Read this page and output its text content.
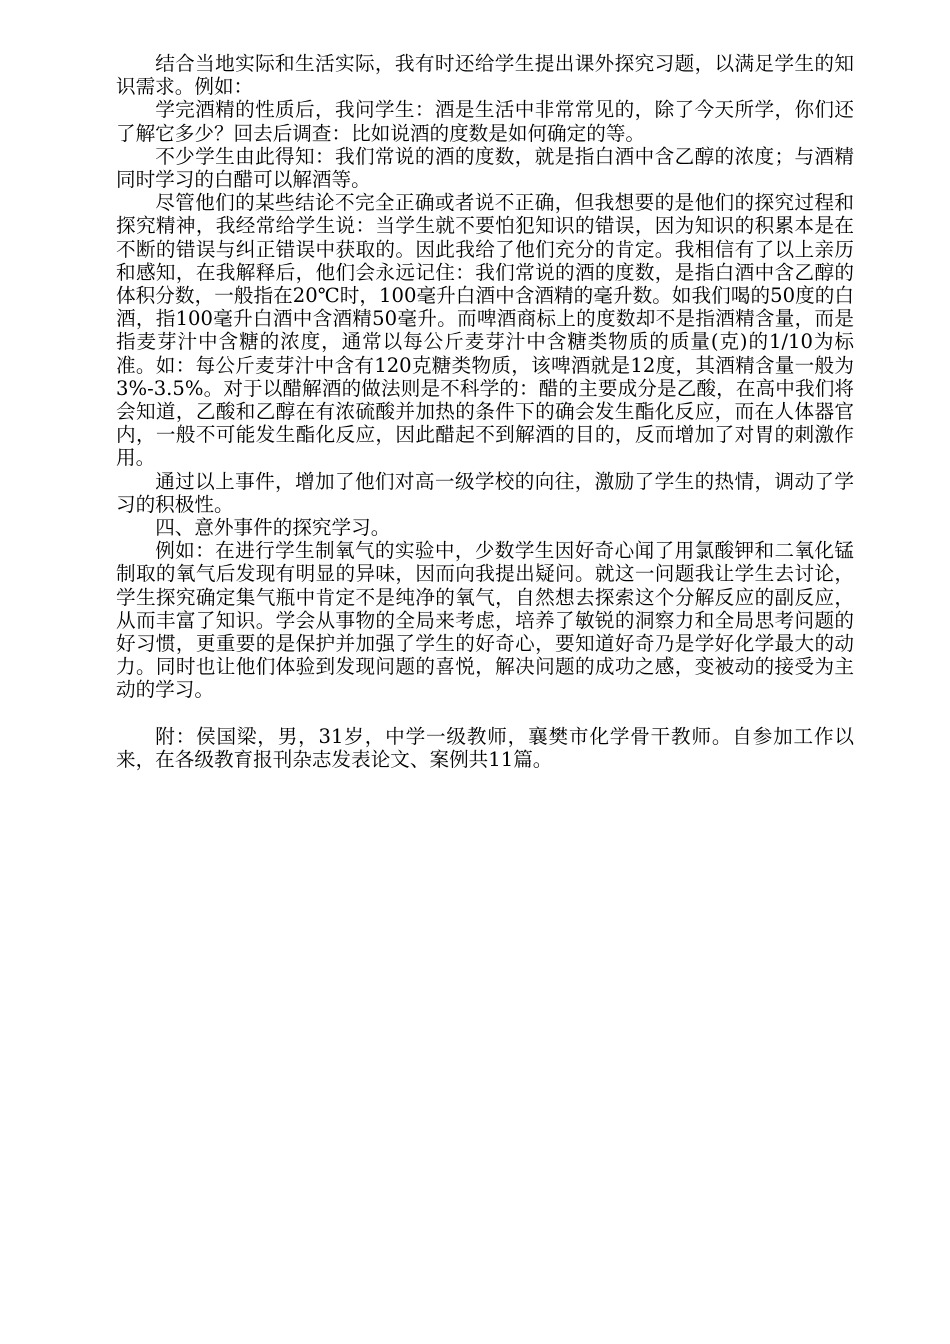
结合当地实际和生活实际，我有时还给学生提出课外探究习题，以满足学生的知识需求。例如：

学完酒精的性质后，我问学生：酒是生活中非常常见的，除了今天所学，你们还了解它多少？回去后调查：比如说酒的度数是如何确定的等。

不少学生由此得知：我们常说的酒的度数，就是指白酒中含乙醇的浓度；与酒精同时学习的白醋可以解酒等。

尽管他们的某些结论不完全正确或者说不正确，但我想要的是他们的探究过程和探究精神，我经常给学生说：当学生就不要怕犯知识的错误，因为知识的积累本是在不断的错误与纠正错误中获取的。因此我给了他们充分的肯定。我相信有了以上亲历和感知，在我解释后，他们会永远记住：我们常说的酒的度数，是指白酒中含乙醇的体积分数，一般指在20℃时，100毫升白酒中含酒精的毫升数。如我们喝的50度的白酒，指100毫升白酒中含酒精50毫升。而啤酒商标上的度数却不是指酒精含量，而是指麦芽汁中含糖的浓度，通常以每公斤麦芽汁中含糖类物质的质量(克)的1/10为标准。如：每公斤麦芽汁中含有120克糖类物质，该啤酒就是12度，其酒精含量一般为3%-3.5%。对于以醋解酒的做法则是不科学的：醋的主要成分是乙酸，在高中我们将会知道，乙酸和乙醇在有浓硫酸并加热的条件下的确会发生酯化反应，而在人体器官内，一般不可能发生酯化反应，因此醋起不到解酒的目的，反而增加了对胃的刺激作用。

通过以上事件，增加了他们对高一级学校的向往，激励了学生的热情，调动了学习的积极性。

四、意外事件的探究学习。

例如：在进行学生制氧气的实验中，少数学生因好奇心闻了用氯酸钾和二氧化锰制取的氧气后发现有明显的异味，因而向我提出疑问。就这一问题我让学生去讨论，学生探究确定集气瓶中肯定不是纯净的氧气，自然想去探索这个分解反应的副反应，从而丰富了知识。学会从事物的全局来考虑，培养了敏锐的洞察力和全局思考问题的好习惯，更重要的是保护并加强了学生的好奇心，要知道好奇乃是学好化学最大的动力。同时也让他们体验到发现问题的喜悦，解决问题的成功之感，变被动的接受为主动的学习。

附：侯国梁，男，31岁，中学一级教师，襄樊市化学骨干教师。自参加工作以来，在各级教育报刊杂志发表论文、案例共11篇。
